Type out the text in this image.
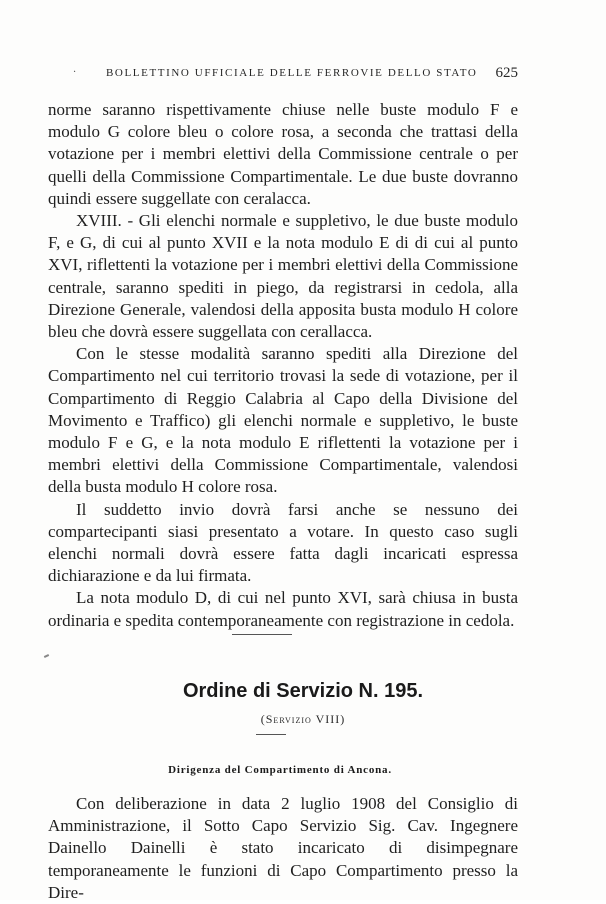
·	BOLLETTINO UFFICIALE DELLE FERROVIE DELLO STATO 625

norme saranno rispettivamente chiuse nelle buste modulo F e modulo G colore bleu o colore rosa, a seconda che trattasi della votazione per i membri elettivi della Commissione centrale o per quelli della Commissione Compartimentale. Le due buste dovranno quindi essere suggellate con ceralacca.

XVIII. - Gli elenchi normale e suppletivo, le due buste modulo F, e G, di cui al punto XVII e la nota modulo E di di cui al punto XVI, riflettenti la votazione per i membri elettivi della Commissione centrale, saranno spediti in piego, da registrarsi in cedola, alla Direzione Generale, valendosi della apposita busta modulo H colore bleu che dovrà essere suggellata con cerallacca.

Con le stesse modalità saranno spediti alla Direzione del Compartimento nel cui territorio trovasi la sede di votazione, per il Compartimento di Reggio Calabria al Capo della Divisione del Movimento e Traffico) gli elenchi normale e suppletivo, le buste modulo F e G, e la nota modulo E riflettenti la votazione per i membri elettivi della Commissione Compartimentale, valendosi della busta modulo H colore rosa.

Il suddetto invio dovrà farsi anche se nessuno dei compartecipanti siasi presentato a votare. In questo caso sugli elenchi normali dovrà essere fatta dagli incaricati espressa dichiarazione e da lui firmata.

La nota modulo D, di cui nel punto XVI, sarà chiusa in busta ordinaria e spedita contemporaneamente con registrazione in cedola.

Ordine di Servizio N. 195.
(Servizio VIII)
Dirigenza del Compartimento di Ancona.

Con deliberazione in data 2 luglio 1908 del Consiglio di Amministrazione, il Sotto Capo Servizio Sig. Cav. Ingegnere Dainello Dainelli è stato incaricato di disimpegnare temporaneamente le funzioni di Capo Compartimento presso la Dire-
